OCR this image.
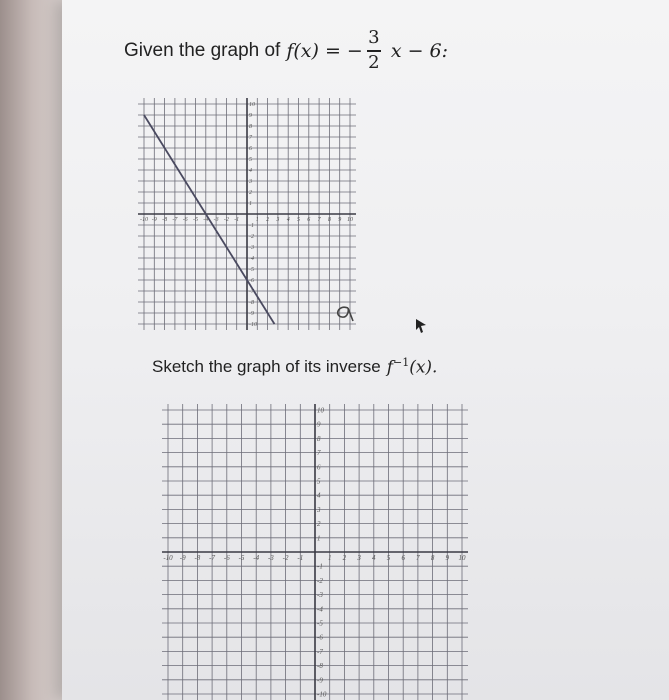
Given the graph of f(x) = − $\frac{3}{2}$ x − 6:
-10 -9 -8 -7 -6 -5 -4 -3 -2 -1	1 2 3 4 5 6 7 8 9 10
10
9
8
7
6
5
4
3
2
1
-1
-2
-3
-4
-5
-6
-7
-8
-9
-10
Sketch the graph of its inverse $f^{-1}(x)$.
-10 -9 -8 -7 -6 -5 -4 -3 -2 -1	1 2 3 4 5 6 7 8 9 10
10
9
8
7
6
5
4
3
2
1
-1
-2
-3
-4
-5
-6
-7
-8
-9
-10
